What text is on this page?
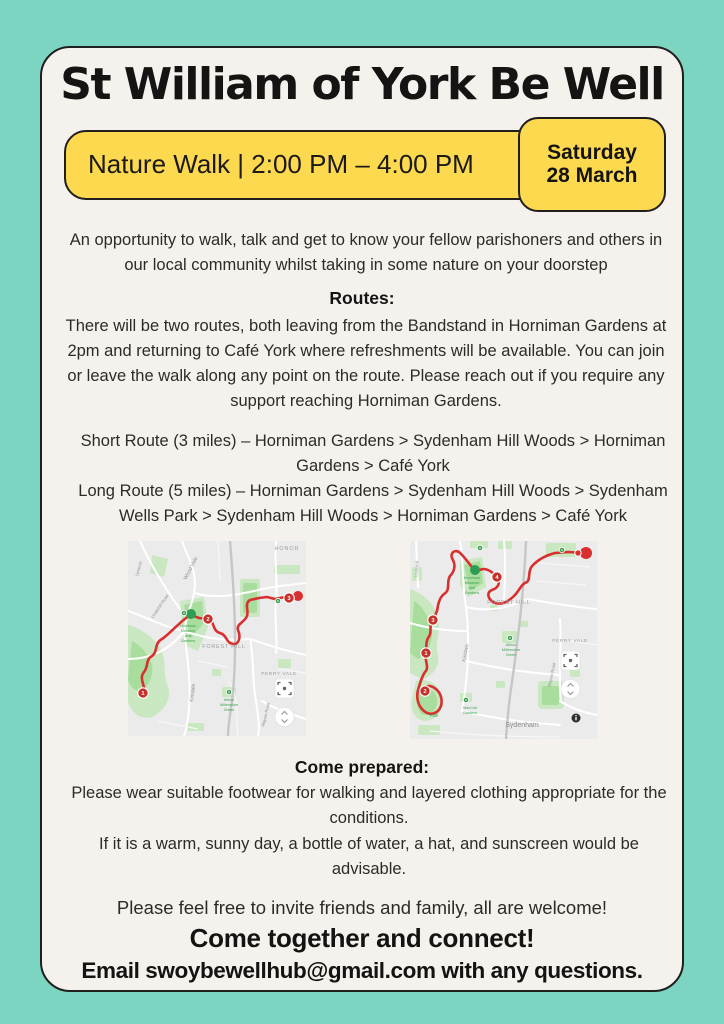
St William of York Be Well
Nature Walk | 2:00 PM – 4:00 PM	Saturday
28 March

An opportunity to walk, talk and get to know your fellow parishoners and others in our local community whilst taking in some nature on your doorstep

Routes:

There will be two routes, both leaving from the Bandstand in Horniman Gardens at 2pm and returning to Café York where refreshments will be available. You can join or leave the walk along any point on the route. Please reach out if you require any support reaching Horniman Gardens.

Short Route (3 miles) – Horniman Gardens > Sydenham Hill Woods > Horniman Gardens > Café York

Long Route (5 miles) – Horniman Gardens > Sydenham Hill Woods > Sydenham Wells Park > Sydenham Hill Woods > Horniman Gardens > Café York

Uplands	Wood Vale
Underhill Road
HONOR
FOREST HILL
Horniman
Museum
and
Gardens
Albion
Millennium
Green
Kirkdale
PERRY VALE
Mayow Road
1
2
3
Underhill
Horniman
Museum
and
Gardens
FOREST HILL
PERRY VALE
Albion
Millennium
Green
Kirkdale
Mayow Road
MacColl
Gardens
Park
Sydenham
1
2
3
4
Come prepared:
Please wear suitable footwear for walking and layered clothing appropriate for the conditions.
If it is a warm, sunny day, a bottle of water, a hat, and sunscreen would be advisable.

Please feel free to invite friends and family, all are welcome!

Come together and connect!

Email swoybewellhub@gmail.com with any questions.
